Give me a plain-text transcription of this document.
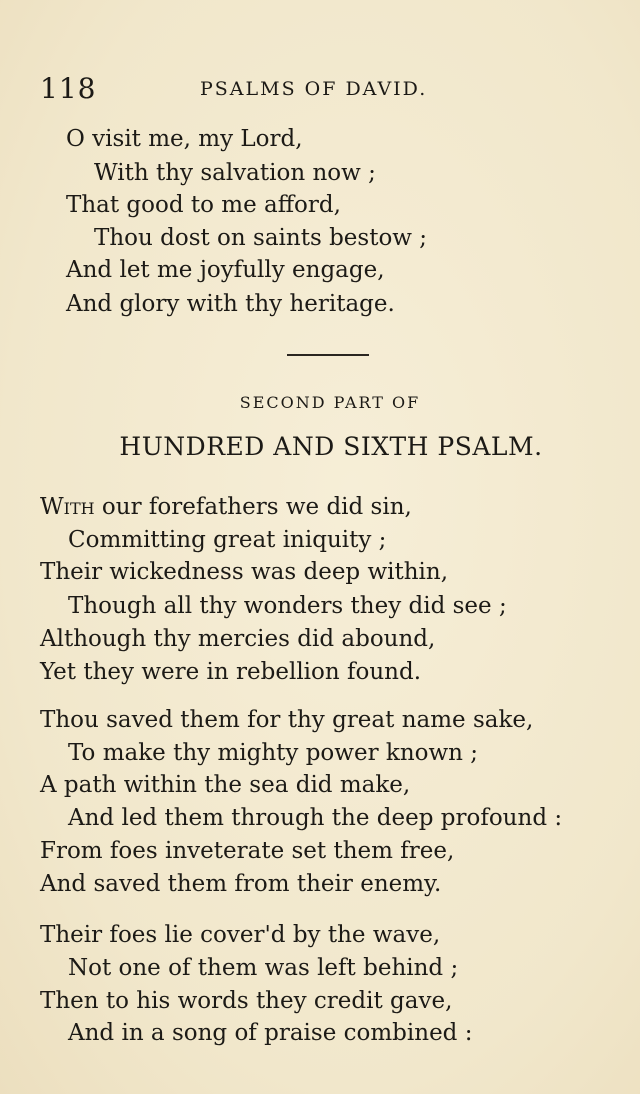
118	PSALMS OF DAVID.
O visit me, my Lord,
With thy salvation now ;
That good to me afford,
Thou dost on saints bestow ;
And let me joyfully engage,
And glory with thy heritage.
SECOND PART OF
HUNDRED AND SIXTH PSALM.
With our forefathers we did sin,
Committing great iniquity ;
Their wickedness was deep within,
Though all thy wonders they did see ;
Although thy mercies did abound,
Yet they were in rebellion found.
Thou saved them for thy great name sake,
To make thy mighty power known ;
A path within the sea did make,
And led them through the deep profound :
From foes inveterate set them free,
And saved them from their enemy.
Their foes lie cover'd by the wave,
Not one of them was left behind ;
Then to his words they credit gave,
And in a song of praise combined :
